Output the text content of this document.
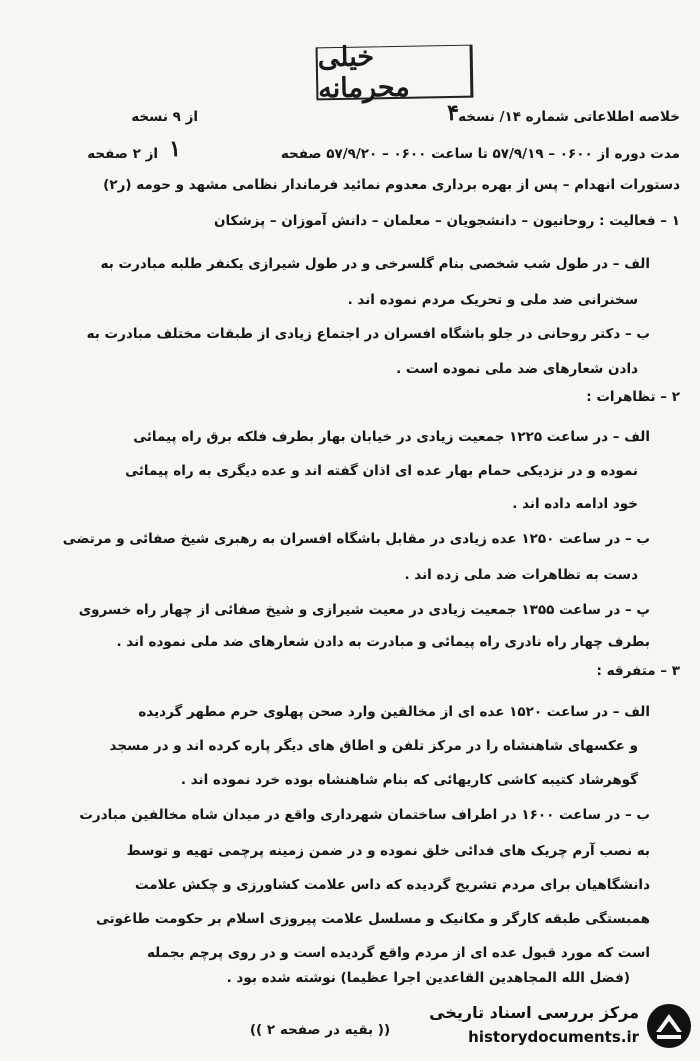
خیلی محرمانه
خلاصه اطلاعاتی شماره ۱۴/ نسخه
۴
از ۹ نسخه
مدت دوره از ۰۶۰۰ – ۵۷/۹/۱۹ تا ساعت ۰۶۰۰ – ۵۷/۹/۲۰ صفحه
۱
از ۲ صفحه
دستورات انهدام – پس از بهره برداری معدوم نمائید فرماندار نظامی مشهد و حومه (ر۲)
۱ – فعالیت : روحانیون – دانشجویان – معلمان – دانش آموزان – پزشکان
الف – در طول شب شخصی بنام گلسرخی و در طول شیرازی یکنفر طلبه مبادرت به
سخنرانی ضد ملی و تحریک مردم نموده اند .
ب – دکتر روحانی در جلو باشگاه افسران در اجتماع زیادی از طبقات مختلف مبادرت به
دادن شعارهای ضد ملی نموده است .
۲ – تظاهرات :
الف – در ساعت ۱۲۲۵ جمعیت زیادی در خیابان بهار بطرف فلکه برق راه پیمائی
نموده و در نزدیکی حمام بهار عده ای اذان گفته اند و عده دیگری به راه پیمائی
خود ادامه داده اند .
ب – در ساعت ۱۲۵۰ عده زیادی در مقابل باشگاه افسران به رهبری شیخ صفائی و مرتضی
دست به تظاهرات ضد ملی زده اند .
پ – در ساعت ۱۳۵۵ جمعیت زیادی در معیت شیرازی و شیخ صفائی از چهار راه خسروی
بطرف چهار راه نادری راه پیمائی و مبادرت به دادن شعارهای ضد ملی نموده اند .
۳ – متفرقه :
الف – در ساعت ۱۵۲۰ عده ای از مخالفین وارد صحن پهلوی حرم مطهر گردیده
و عکسهای شاهنشاه را در مرکز تلفن و اطاق های دیگر پاره کرده اند و در مسجد
گوهرشاد کتیبه کاشی کاریهائی که بنام شاهنشاه بوده خرد نموده اند .
ب – در ساعت ۱۶۰۰ در اطراف ساختمان شهرداری واقع در میدان شاه مخالفین مبادرت
به نصب آرم چریک های فدائی خلق نموده و در ضمن زمینه پرچمی تهیه و توسط
دانشگاهیان برای مردم تشریح گردیده که داس علامت کشاورزی و چکش علامت
همبستگی طبقه کارگر و مکانیک و مسلسل علامت پیروزی اسلام بر حکومت طاغوتی
است که مورد قبول عده ای از مردم واقع گردیده است و در روی پرچم بجمله
(فضل الله المجاهدین القاعدین اجرا عظیما) نوشته شده بود .
(( بقیه در صفحه ۲ ))
مرکز بررسی اسناد تاریخی
historydocuments.ir
